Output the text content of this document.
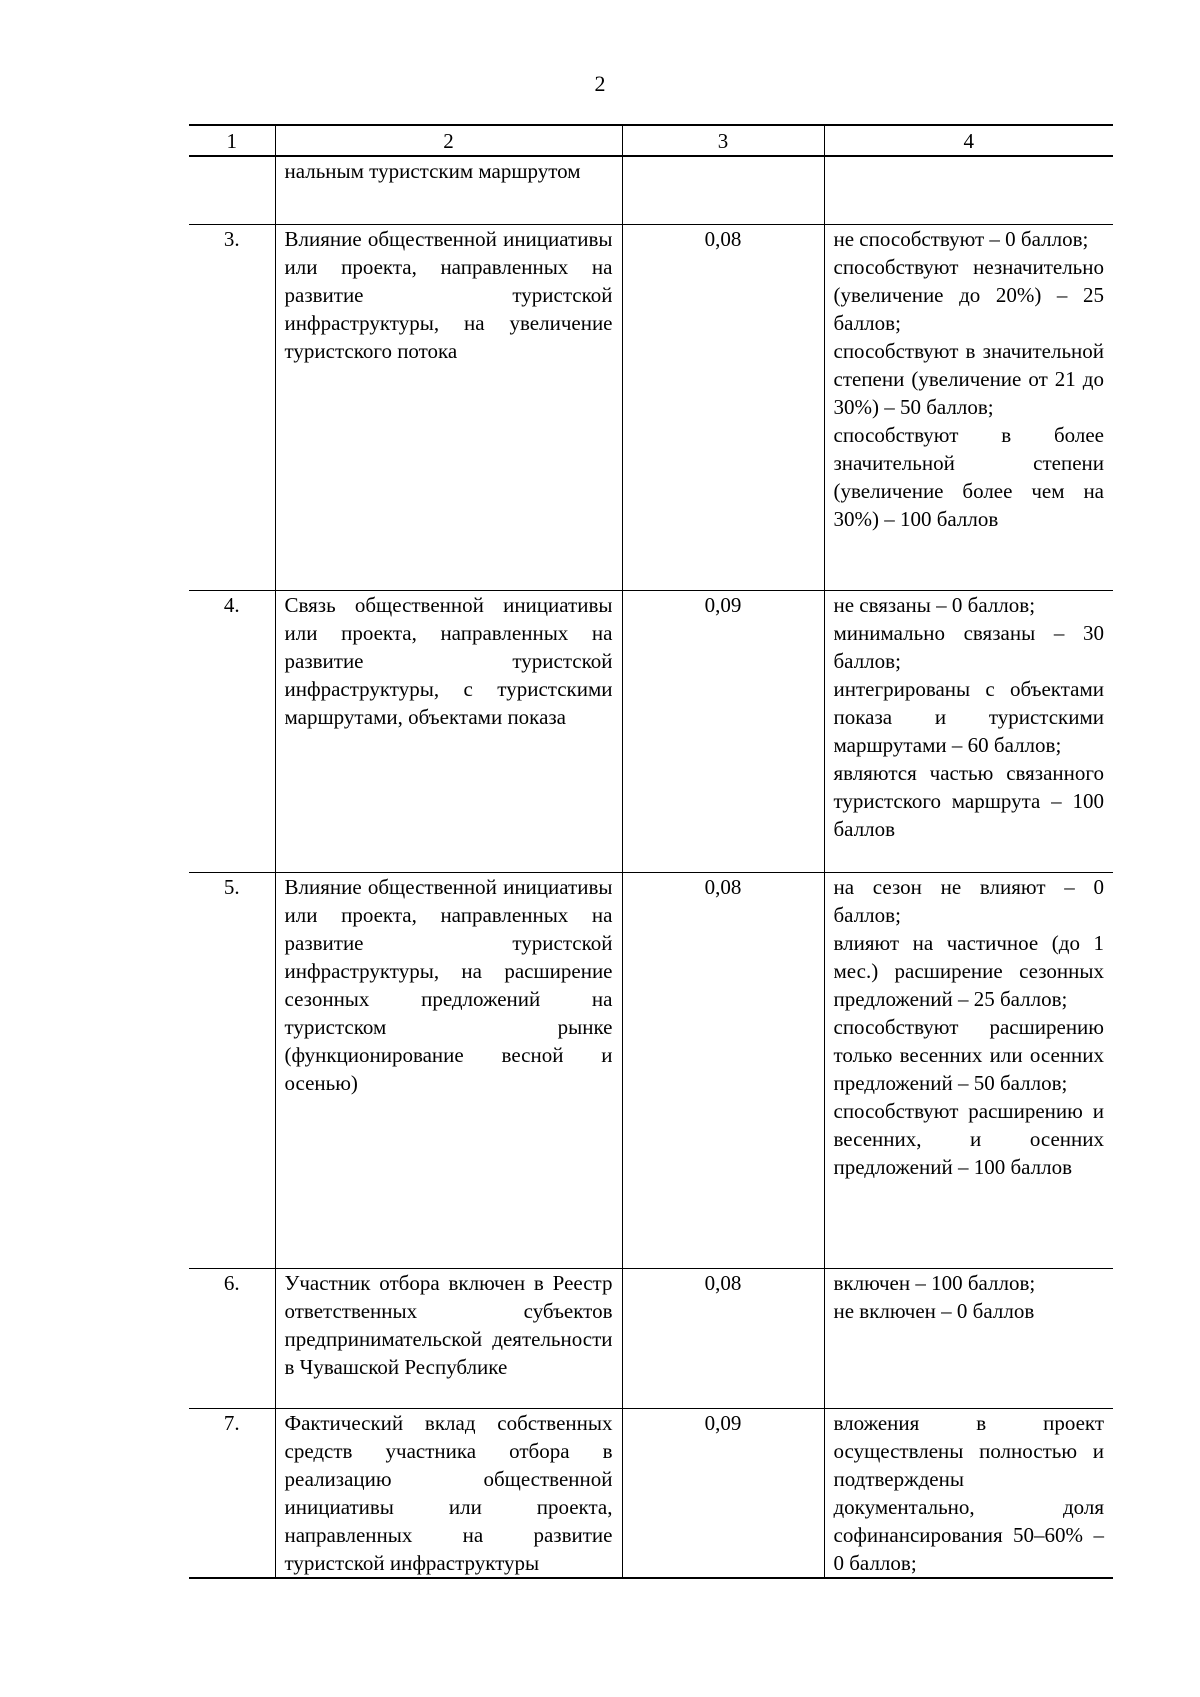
2
1	2	3	4
	нальным туристским маршрутом		
3.	Влияние общественной инициативы или проекта, направленных на развитие туристской инфраструктуры, на увеличение туристского потока	0,08	не способствуют – 0 баллов;
способствуют незначительно (увеличение до 20%) – 25 баллов;
способствуют в значительной степени (увеличение от 21 до 30%) – 50 баллов;
способствуют в более значительной степени (увеличение более чем на 30%) – 100 баллов

4.	Связь общественной инициативы или проекта, направленных на развитие туристской инфраструктуры, с туристскими маршрутами, объектами показа	0,09	не связаны – 0 баллов;
минимально связаны – 30 баллов;
интегрированы с объектами показа и туристскими маршрутами – 60 баллов;
являются частью связанного туристского маршрута – 100 баллов

5.	Влияние общественной инициативы или проекта, направленных на развитие туристской инфраструктуры, на расширение сезонных предложений на туристском рынке (функционирование весной и осенью)	0,08	на сезон не влияют – 0 баллов;
влияют на частичное (до 1 мес.) расширение сезонных предложений – 25 баллов;
способствуют расширению только весенних или осенних предложений – 50 баллов;
способствуют расширению и весенних, и осенних предложений – 100 баллов

6.	Участник отбора включен в Реестр ответственных субъектов предпринимательской деятельности в Чувашской Республике	0,08	включен – 100 баллов;
не включен – 0 баллов

7.	Фактический вклад собственных средств участника отбора в реализацию общественной инициативы или проекта, направленных на развитие туристской инфраструктуры	0,09	вложения в проект осуществлены полностью и подтверждены документально, доля софинансирования 50–60% – 0 баллов;
